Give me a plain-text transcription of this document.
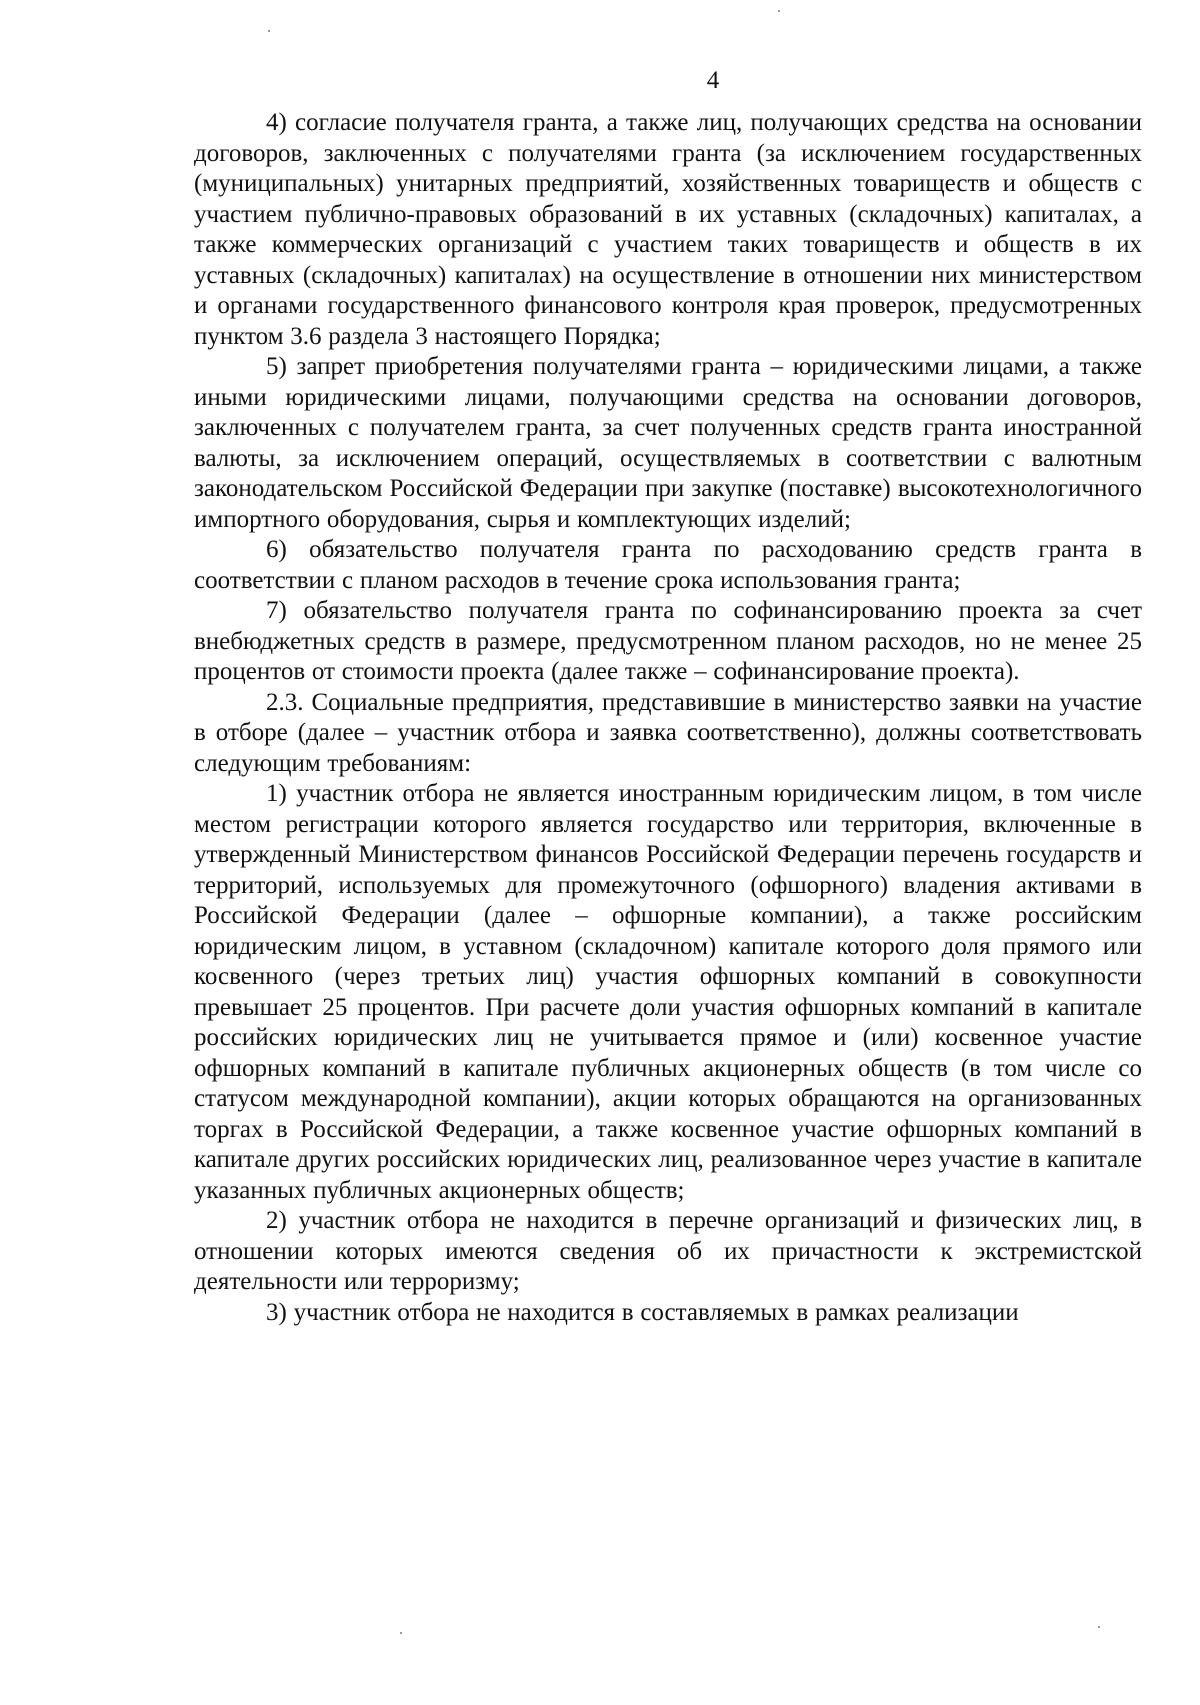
4

4) согласие получателя гранта, а также лиц, получающих средства на основании договоров, заключенных с получателями гранта (за исключением государственных (муниципальных) унитарных предприятий, хозяйственных товариществ и обществ с участием публично-правовых образований в их уставных (складочных) капиталах, а также коммерческих организаций с участием таких товариществ и обществ в их уставных (складочных) капиталах) на осуществление в отношении них министерством и органами государственного финансового контроля края проверок, предусмотренных пунктом 3.6 раздела 3 настоящего Порядка;

5) запрет приобретения получателями гранта – юридическими лицами, а также иными юридическими лицами, получающими средства на основании договоров, заключенных с получателем гранта, за счет полученных средств гранта иностранной валюты, за исключением операций, осуществляемых в соответствии с валютным законодательском Российской Федерации при закупке (поставке) высокотехнологичного импортного оборудования, сырья и комплектующих изделий;

6) обязательство получателя гранта по расходованию средств гранта в соответствии с планом расходов в течение срока использования гранта;

7) обязательство получателя гранта по софинансированию проекта за счет внебюджетных средств в размере, предусмотренном планом расходов, но не менее 25 процентов от стоимости проекта (далее также – софинансирование проекта).

2.3. Социальные предприятия, представившие в министерство заявки на участие в отборе (далее – участник отбора и заявка соответственно), должны соответствовать следующим требованиям:

1) участник отбора не является иностранным юридическим лицом, в том числе местом регистрации которого является государство или территория, включенные в утвержденный Министерством финансов Российской Федерации перечень государств и территорий, используемых для промежуточного (офшорного) владения активами в Российской Федерации (далее – офшорные компании), а также российским юридическим лицом, в уставном (складочном) капитале которого доля прямого или косвенного (через третьих лиц) участия офшорных компаний в совокупности превышает 25 процентов. При расчете доли участия офшорных компаний в капитале российских юридических лиц не учитывается прямое и (или) косвенное участие офшорных компаний в капитале публичных акционерных обществ (в том числе со статусом международной компании), акции которых обращаются на организованных торгах в Российской Федерации, а также косвенное участие офшорных компаний в капитале других российских юридических лиц, реализованное через участие в капитале указанных публичных акционерных обществ;

2) участник отбора не находится в перечне организаций и физических лиц, в отношении которых имеются сведения об их причастности к экстремистской деятельности или терроризму;

3) участник отбора не находится в составляемых в рамках реализации
